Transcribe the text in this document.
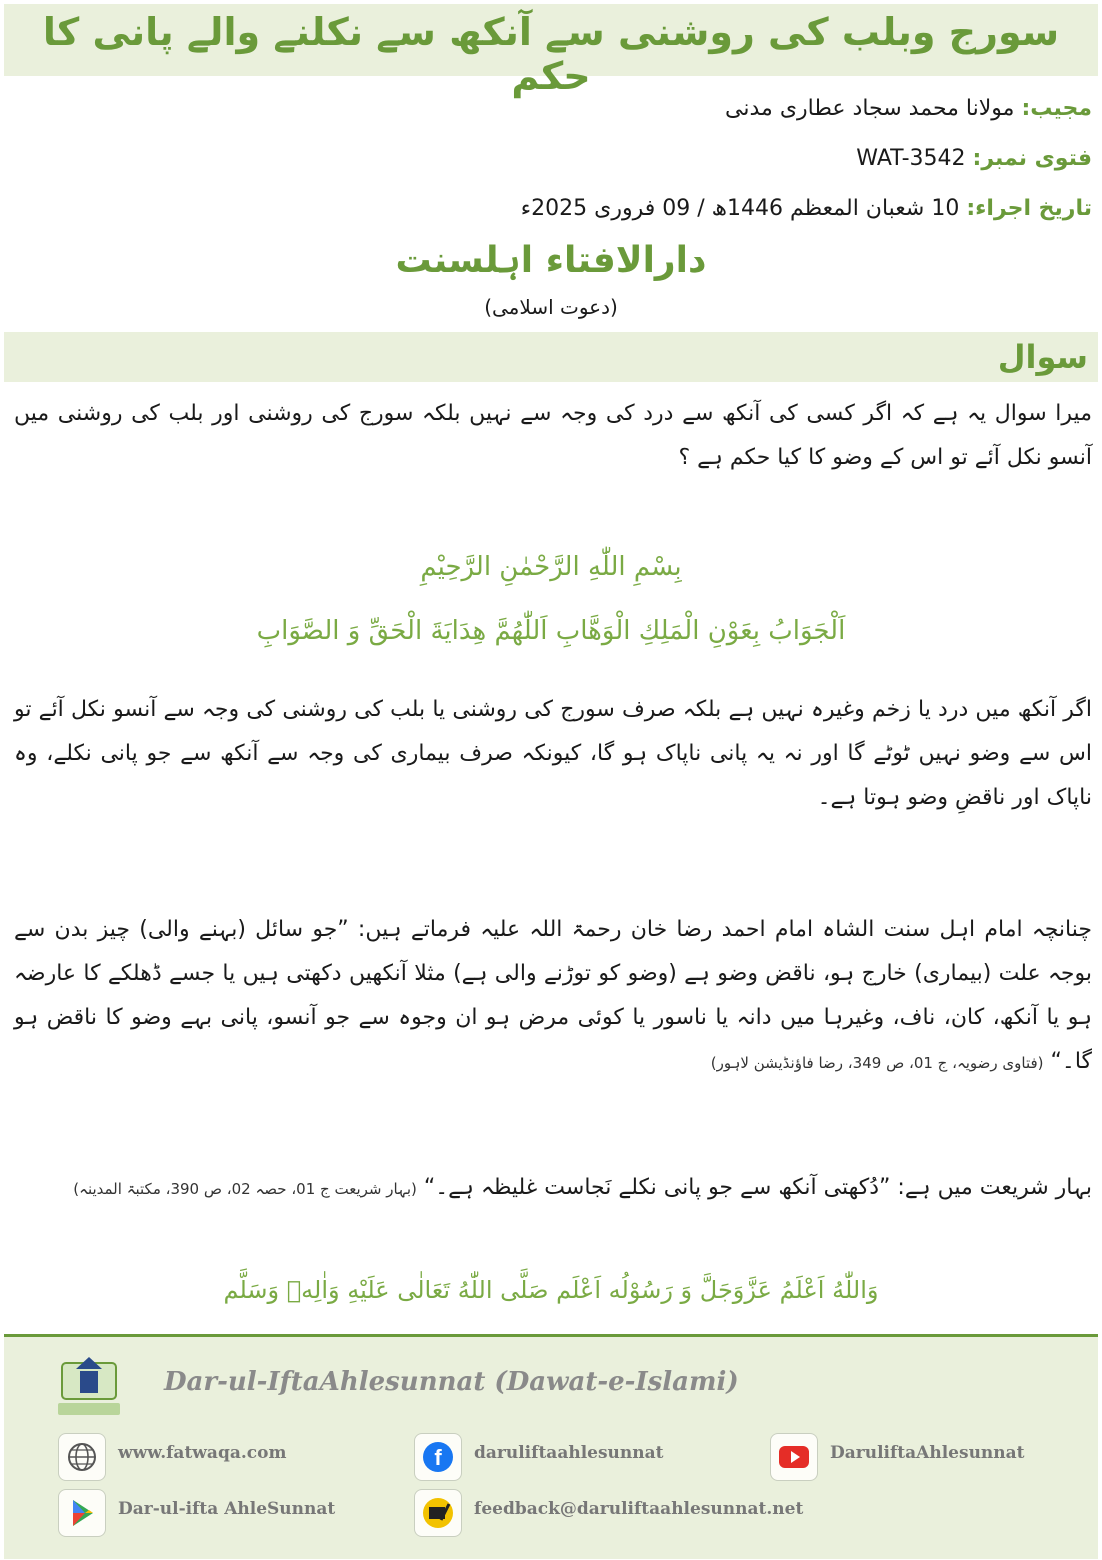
سورج وبلب کی روشنی سے آنکھ سے نکلنے والے پانی کا حکم
مجیب: مولانا محمد سجاد عطاری مدنی
فتوی نمبر: WAT-3542
تاریخ اجراء: 10 شعبان المعظم 1446ھ / 09 فروری 2025ء
دارالافتاء اہلسنت
(دعوت اسلامی)
سوال
میرا سوال یہ ہے کہ اگر کسی کی آنکھ سے درد کی وجہ سے نہیں بلکہ سورج کی روشنی اور بلب کی روشنی میں آنسو نکل آئے تو اس کے وضو کا کیا حکم ہے ؟
بِسْمِ اللّٰهِ الرَّحْمٰنِ الرَّحِيْمِ
اَلْجَوَابُ بِعَوْنِ الْمَلِكِ الْوَهَّابِ اَللّٰهُمَّ هِدَايَةَ الْحَقِّ وَ الصَّوَابِ
اگر آنکھ میں درد یا زخم وغیرہ نہیں ہے بلکہ صرف سورج کی روشنی یا بلب کی روشنی کی وجہ سے آنسو نکل آئے تو اس سے وضو نہیں ٹوٹے گا اور نہ یہ پانی ناپاک ہو گا، کیونکہ صرف بیماری کی وجہ سے آنکھ سے جو پانی نکلے، وہ ناپاک اور ناقضِ وضو ہوتا ہے۔
چنانچہ امام اہل سنت الشاہ امام احمد رضا خان رحمۃ اللہ علیہ فرماتے ہیں: ”جو سائل (بہنے والی) چیز بدن سے بوجہ علت (بیماری) خارج ہو، ناقض وضو ہے (وضو کو توڑنے والی ہے) مثلا آنکھیں دکھتی ہیں یا جسے ڈھلکے کا عارضہ ہو یا آنکھ، کان، ناف، وغیرہا میں دانہ یا ناسور یا کوئی مرض ہو ان وجوہ سے جو آنسو، پانی بہے وضو کا ناقض ہو گا۔“ (فتاوی رضویہ، ج 01، ص 349، رضا فاؤنڈیشن لاہور)
بہار شریعت میں ہے: ”دُکھتی آنکھ سے جو پانی نکلے نَجاست غلیظہ ہے۔“ (بہار شریعت ج 01، حصہ 02، ص 390، مکتبۃ المدینہ)
وَاللّٰهُ اَعْلَمُ عَزَّوَجَلَّ وَ رَسُوْلُه اَعْلَم صَلَّى اللّٰهُ تَعَالٰى عَلَيْهِ وَاٰلِهٖ وَسَلَّم
Dar-ul-IftaAhlesunnat (Dawat-e-Islami)
www.fatwaqa.com	f daruliftaahlesunnat	DaruliftaAhlesunnat
Dar-ul-ifta AhleSunnat	feedback@daruliftaahlesunnat.net
